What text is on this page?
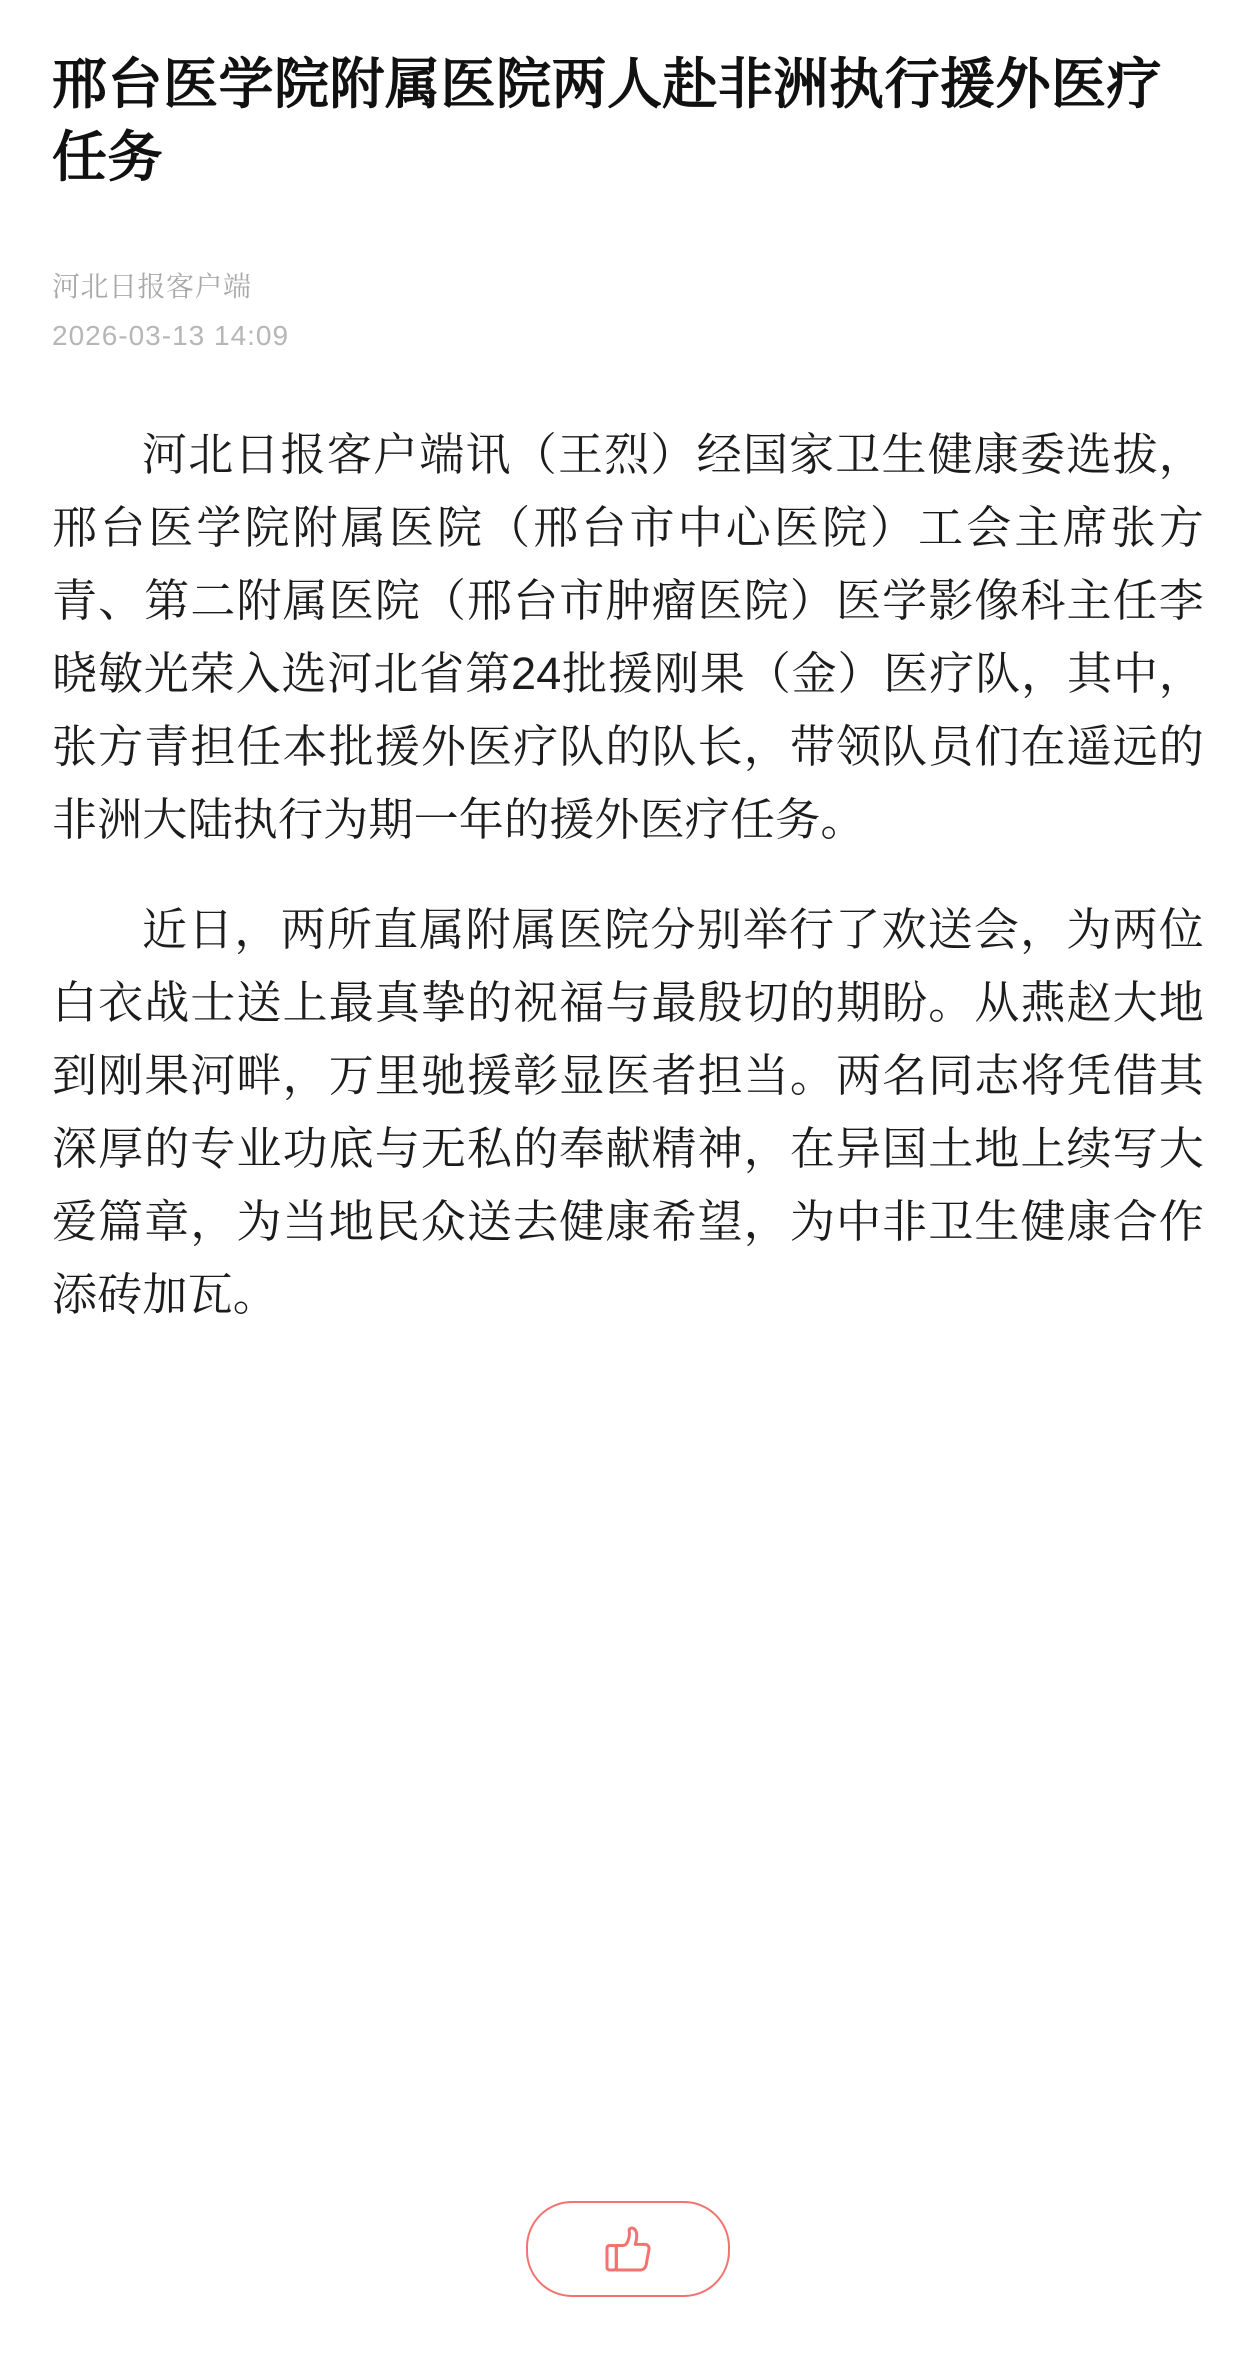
邢台医学院附属医院两人赴非洲执行援外医疗任务
河北日报客户端
2026-03-13 14:09

河北日报客户端讯（王烈）经国家卫生健康委选拔，邢台医学院附属医院（邢台市中心医院）工会主席张方青、第二附属医院（邢台市肿瘤医院）医学影像科主任李晓敏光荣入选河北省第24批援刚果（金）医疗队，其中，张方青担任本批援外医疗队的队长，带领队员们在遥远的非洲大陆执行为期一年的援外医疗任务。

近日，两所直属附属医院分别举行了欢送会，为两位白衣战士送上最真挚的祝福与最殷切的期盼。从燕赵大地到刚果河畔，万里驰援彰显医者担当。两名同志将凭借其深厚的专业功底与无私的奉献精神，在异国土地上续写大爱篇章，为当地民众送去健康希望，为中非卫生健康合作添砖加瓦。
